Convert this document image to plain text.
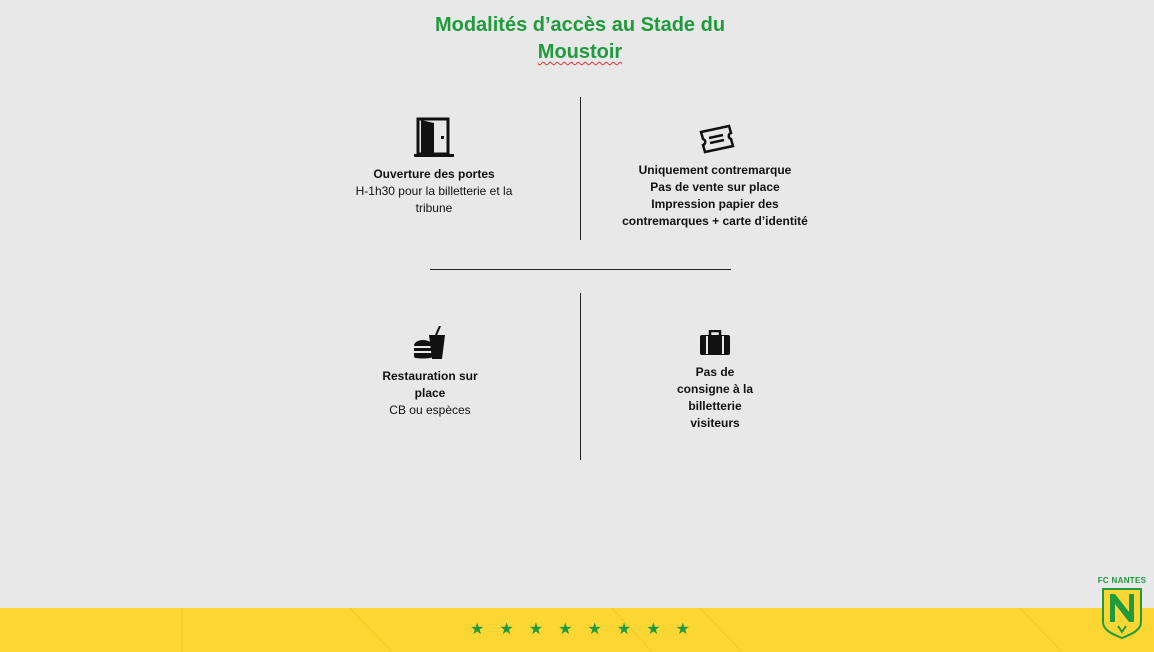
Modalités d’accès au Stade du
Moustoir
Ouverture des portes
H-1h30 pour la billetterie et la
tribune
Uniquement contremarque
Pas de vente sur place
Impression papier des
contremarques + carte d’identité
Restauration sur
place
CB ou espèces
Pas de
consigne à la
billetterie
visiteurs
★ ★ ★ ★ ★ ★ ★ ★
FC NANTES
